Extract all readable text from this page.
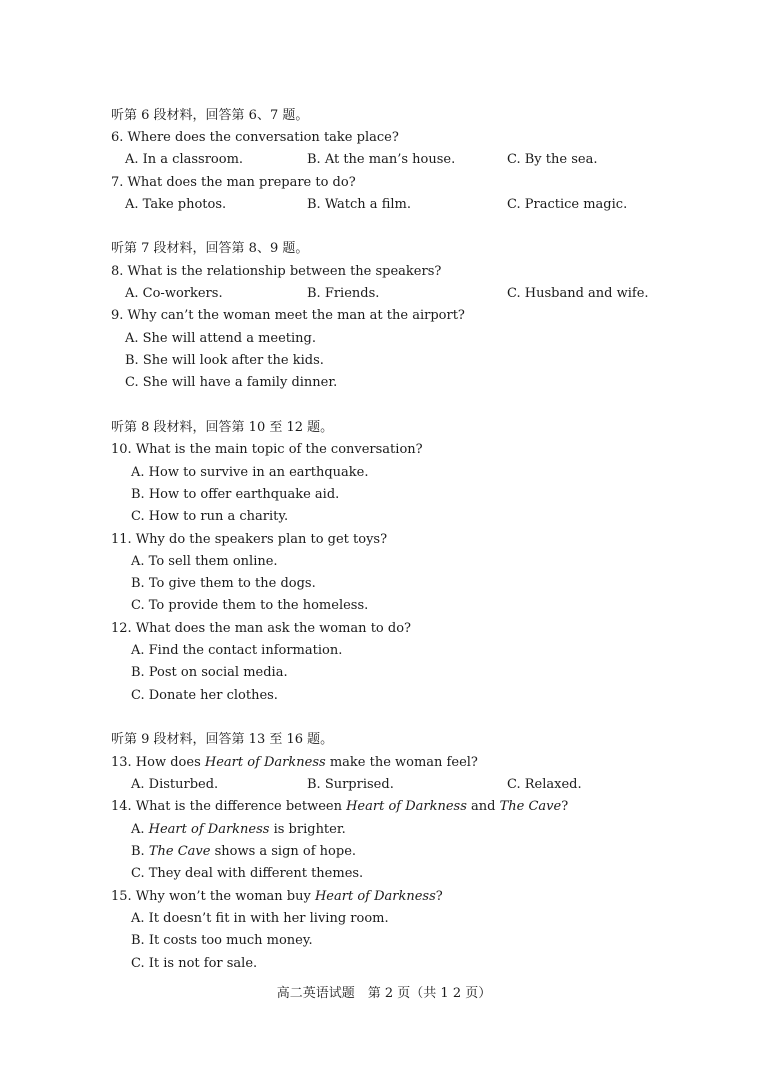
听第 6 段材料，回答第 6、7 题。
6. Where does the conversation take place?
A. In a classroom.	B. At the man’s house.	C. By the sea.
7. What does the man prepare to do?
A. Take photos.	B. Watch a film.	C. Practice magic.
听第 7 段材料，回答第 8、9 题。
8. What is the relationship between the speakers?
A. Co-workers.	B. Friends.	C. Husband and wife.
9. Why can’t the woman meet the man at the airport?
A. She will attend a meeting.
B. She will look after the kids.
C. She will have a family dinner.
听第 8 段材料，回答第 10 至 12 题。
10. What is the main topic of the conversation?
A. How to survive in an earthquake.
B. How to offer earthquake aid.
C. How to run a charity.
11. Why do the speakers plan to get toys?
A. To sell them online.
B. To give them to the dogs.
C. To provide them to the homeless.
12. What does the man ask the woman to do?
A. Find the contact information.
B. Post on social media.
C. Donate her clothes.
听第 9 段材料，回答第 13 至 16 题。
13. How does Heart of Darkness make the woman feel?
A. Disturbed.	B. Surprised.	C. Relaxed.
14. What is the difference between Heart of Darkness and The Cave?
A. Heart of Darkness is brighter.
B. The Cave shows a sign of hope.
C. They deal with different themes.
15. Why won’t the woman buy Heart of Darkness?
A. It doesn’t fit in with her living room.
B. It costs too much money.
C. It is not for sale.
高二英语试题　第 2 页（共 1 2 页）
